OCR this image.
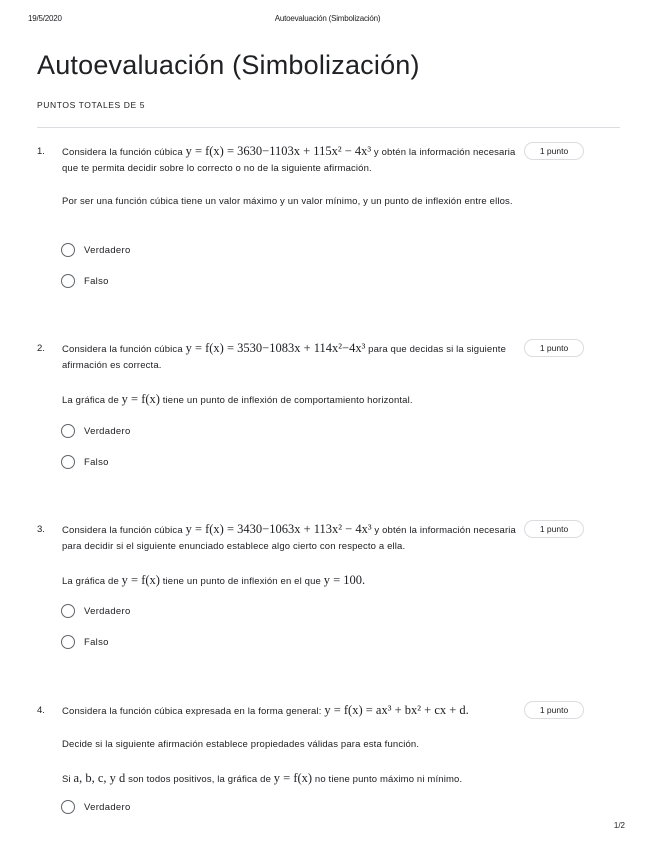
19/5/2020	Autoevaluación (Simbolización)
Autoevaluación (Simbolización)
PUNTOS TOTALES DE 5
1. Considera la función cúbica y = f(x) = 3630−1103x + 115x² − 4x³ y obtén la información necesaria que te permita decidir sobre lo correcto o no de la siguiente afirmación.

Por ser una función cúbica tiene un valor máximo y un valor mínimo, y un punto de inflexión entre ellos.

1 punto
Verdadero
Falso
2. Considera la función cúbica y = f(x) = 3530−1083x + 114x²−4x³ para que decidas si la siguiente afirmación es correcta.

La gráfica de y = f(x) tiene un punto de inflexión de comportamiento horizontal.

1 punto
Verdadero
Falso
3. Considera la función cúbica y = f(x) = 3430−1063x + 113x² − 4x³ y obtén la información necesaria para decidir si el siguiente enunciado establece algo cierto con respecto a ella.

La gráfica de y = f(x) tiene un punto de inflexión en el que y = 100.

1 punto
Verdadero
Falso
4. Considera la función cúbica expresada en la forma general: y = f(x) = ax³ + bx² + cx + d.

Decide si la siguiente afirmación establece propiedades válidas para esta función.

Si a, b, c, y d son todos positivos, la gráfica de y = f(x) no tiene punto máximo ni mínimo.

1 punto
Verdadero
1/2
